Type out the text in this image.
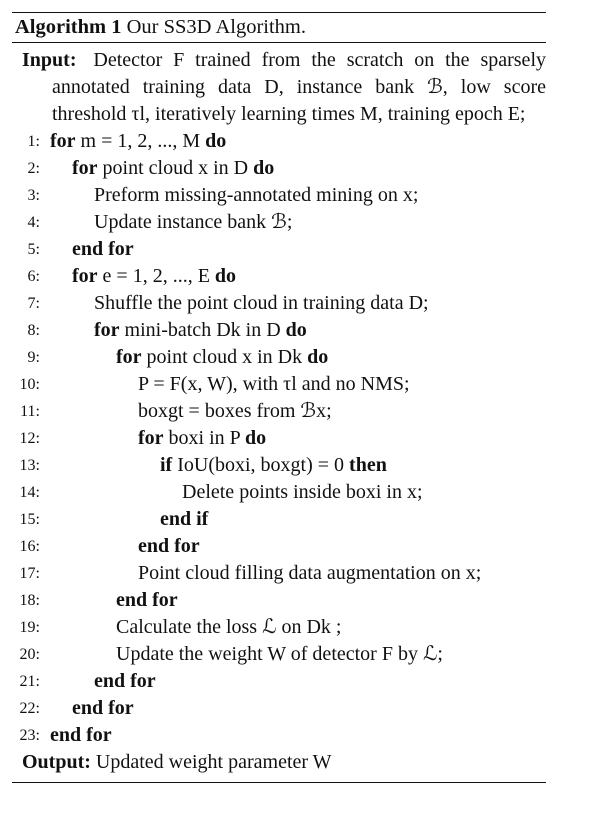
Algorithm 1 Our SS3D Algorithm.
Input: Detector F trained from the scratch on the sparsely annotated training data D, instance bank ℬ, low score threshold τl, iteratively learning times M, training epoch E;
1: for m = 1, 2, ..., M do
2: for point cloud x in D do
3:	Preform missing-annotated mining on x;
4:	Update instance bank ℬ;
5: end for
6: for e = 1, 2, ..., E do
7:	Shuffle the point cloud in training data D;
8:	for mini-batch Dk in D do
9:	for point cloud x in Dk do
10:	P = F(x, W), with τl and no NMS;
11:	boxgt = boxes from ℬx;
12:	for boxi in P do
13:	if IoU(boxi, boxgt) = 0 then
14:	Delete points inside boxi in x;
15:	end if
16:	end for
17:	Point cloud filling data augmentation on x;
18:	end for
19:	Calculate the loss ℒ on Dk ;
20:	Update the weight W of detector F by ℒ;
21:	end for
22: end for
23: end for
Output: Updated weight parameter W
